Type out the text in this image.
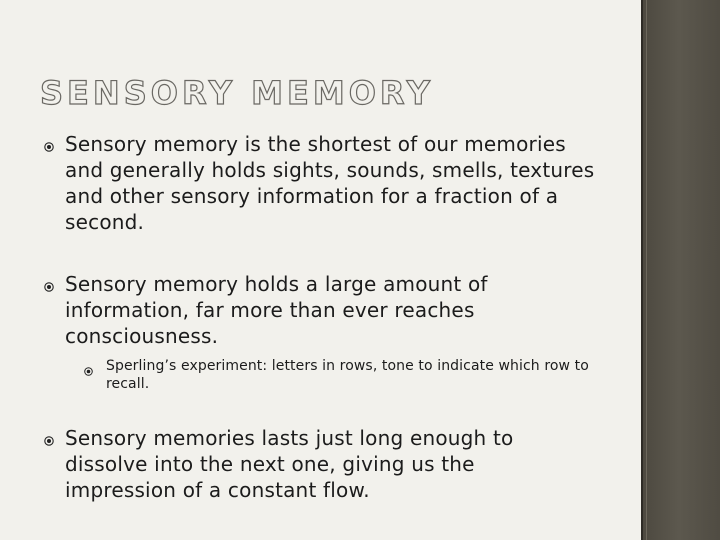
SENSORY MEMORY
Sensory memory is the shortest of our memories and generally holds sights, sounds, smells, textures and other sensory information for a fraction of a second.
Sensory memory holds a large amount of information, far more than ever reaches consciousness.
Sperling’s experiment: letters in rows, tone to indicate which row to recall.
Sensory memories lasts just long enough to dissolve into the next one, giving us the impression of a constant flow.
